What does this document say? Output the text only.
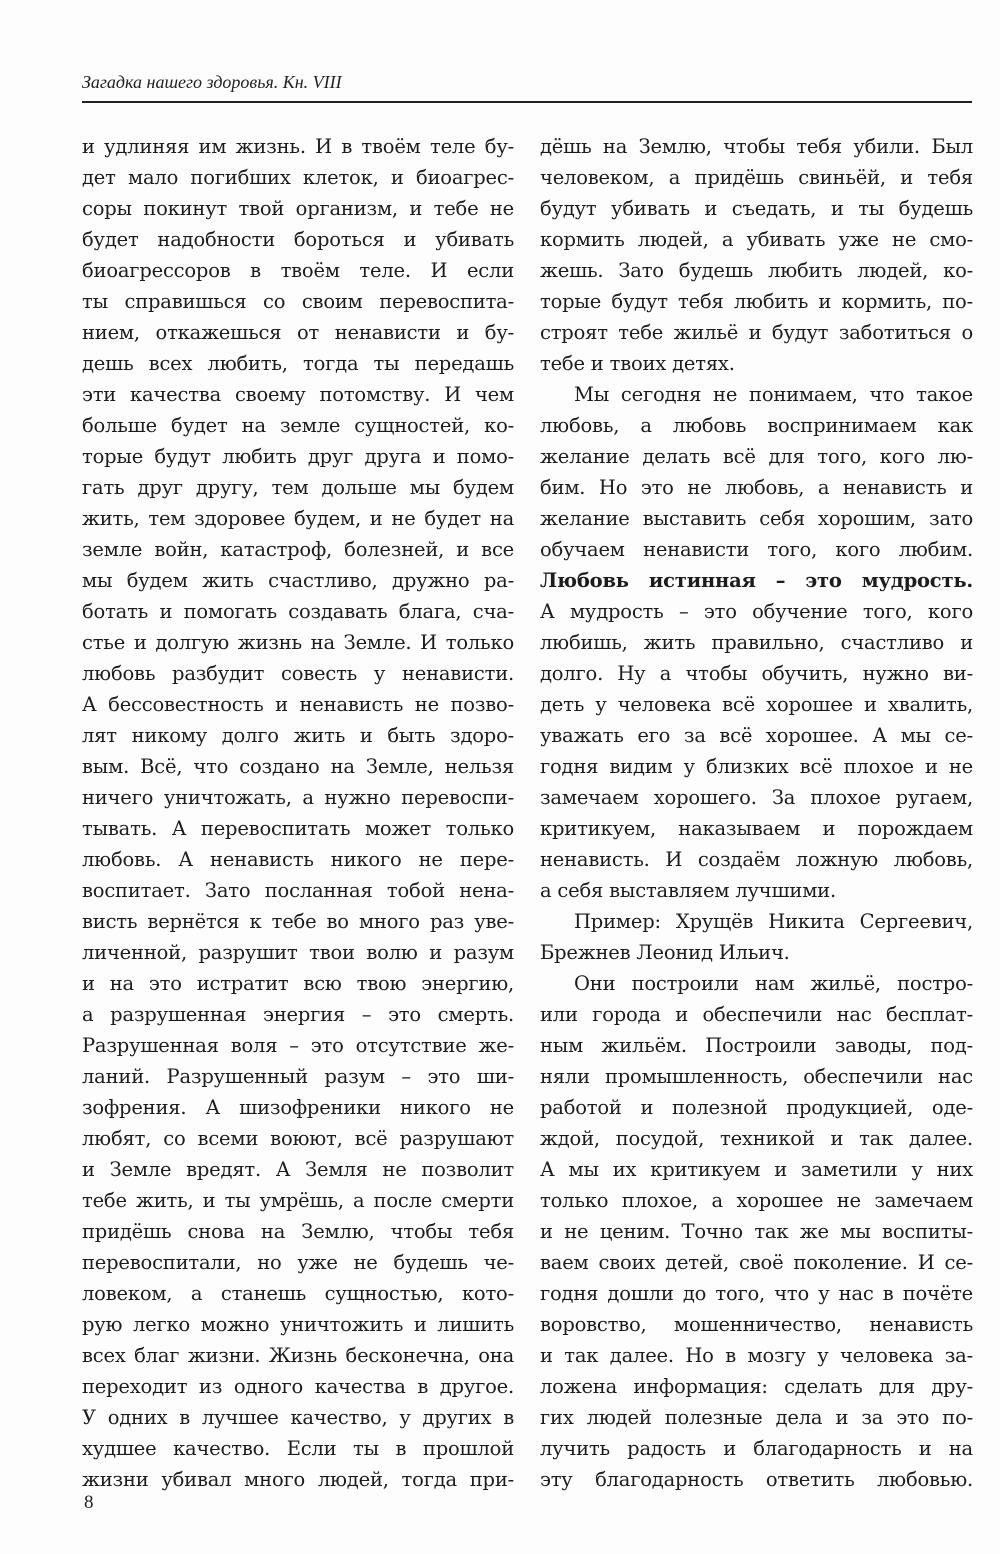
Загадка нашего здоровья. Кн. VIII
и удлиняя им жизнь. И в твоём теле бу-
дет мало погибших клеток, и биоагрес-
соры покинут твой организм, и тебе не
будет надобности бороться и убивать
биоагрессоров в твоём теле. И если
ты справишься со своим перевоспита-
нием, откажешься от ненависти и бу-
дешь всех любить, тогда ты передашь
эти качества своему потомству. И чем
больше будет на земле сущностей, ко-
торые будут любить друг друга и помо-
гать друг другу, тем дольше мы будем
жить, тем здоровее будем, и не будет на
земле войн, катастроф, болезней, и все
мы будем жить счастливо, дружно ра-
ботать и помогать создавать блага, сча-
стье и долгую жизнь на Земле. И только
любовь разбудит совесть у ненависти.
А бессовестность и ненависть не позво-
лят никому долго жить и быть здоро-
вым. Всё, что создано на Земле, нельзя
ничего уничтожать, а нужно перевоспи-
тывать. А перевоспитать может только
любовь. А ненависть никого не пере-
воспитает. Зато посланная тобой нена-
висть вернётся к тебе во много раз уве-
личенной, разрушит твои волю и разум
и на это истратит всю твою энергию,
а разрушенная энергия – это смерть.
Разрушенная воля – это отсутствие же-
ланий. Разрушенный разум – это ши-
зофрения. А шизофреники никого не
любят, со всеми воюют, всё разрушают
и Земле вредят. А Земля не позволит
тебе жить, и ты умрёшь, а после смерти
придёшь снова на Землю, чтобы тебя
перевоспитали, но уже не будешь че-
ловеком, а станешь сущностью, кото-
рую легко можно уничтожить и лишить
всех благ жизни. Жизнь бесконечна, она
переходит из одного качества в другое.
У одних в лучшее качество, у других в
худшее качество. Если ты в прошлой
жизни убивал много людей, тогда при-
дёшь на Землю, чтобы тебя убили. Был
человеком, а придёшь свиньёй, и тебя
будут убивать и съедать, и ты будешь
кормить людей, а убивать уже не смо-
жешь. Зато будешь любить людей, ко-
торые будут тебя любить и кормить, по-
строят тебе жильё и будут заботиться о
тебе и твоих детях.
Мы сегодня не понимаем, что такое
любовь, а любовь воспринимаем как
желание делать всё для того, кого лю-
бим. Но это не любовь, а ненависть и
желание выставить себя хорошим, зато
обучаем ненависти того, кого любим.
Любовь истинная – это мудрость.
А мудрость – это обучение того, кого
любишь, жить правильно, счастливо и
долго. Ну а чтобы обучить, нужно ви-
деть у человека всё хорошее и хвалить,
уважать его за всё хорошее. А мы се-
годня видим у близких всё плохое и не
замечаем хорошего. За плохое ругаем,
критикуем, наказываем и порождаем
ненависть. И создаём ложную любовь,
а себя выставляем лучшими.
Пример: Хрущёв Никита Сергеевич,
Брежнев Леонид Ильич.
Они построили нам жильё, постро-
или города и обеспечили нас бесплат-
ным жильём. Построили заводы, под-
няли промышленность, обеспечили нас
работой и полезной продукцией, оде-
ждой, посудой, техникой и так далее.
А мы их критикуем и заметили у них
только плохое, а хорошее не замечаем
и не ценим. Точно так же мы воспиты-
ваем своих детей, своё поколение. И се-
годня дошли до того, что у нас в почёте
воровство, мошенничество, ненависть
и так далее. Но в мозгу у человека за-
ложена информация: сделать для дру-
гих людей полезные дела и за это по-
лучить радость и благодарность и на
эту благодарность ответить любовью.
8
